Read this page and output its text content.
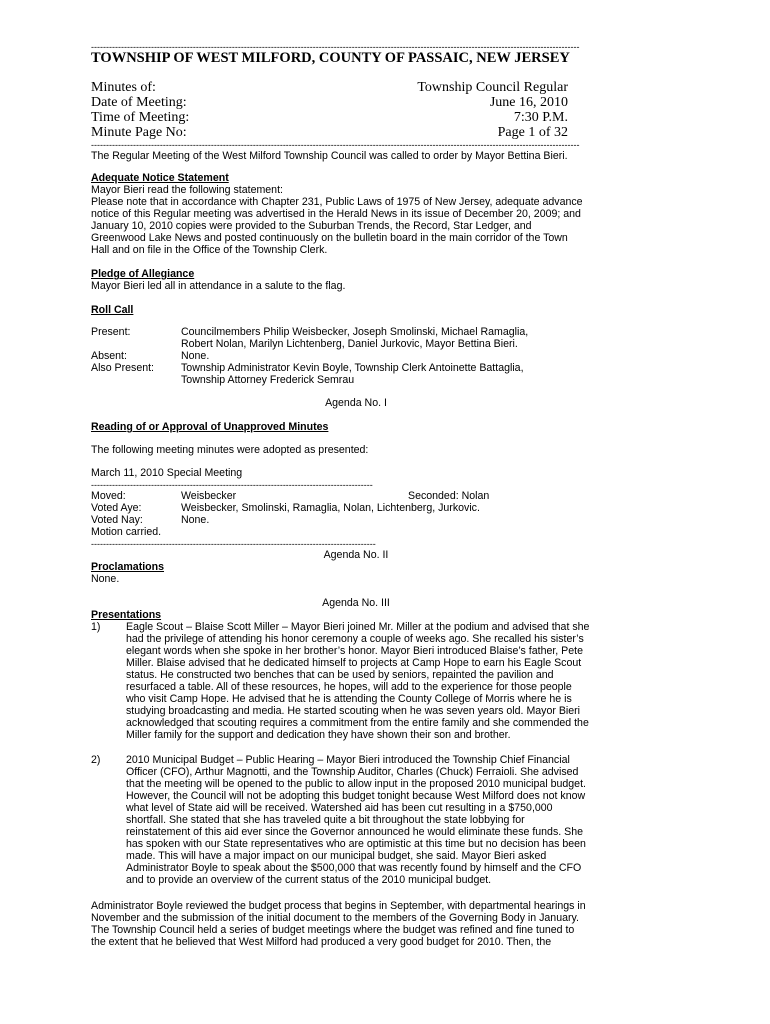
-------------------------------------------------------------------------------------------------------------------------------------------------------------------
TOWNSHIP OF WEST MILFORD, COUNTY OF PASSAIC, NEW JERSEY
Minutes of:	Township Council Regular
Date of Meeting:	June 16, 2010
Time of Meeting:	7:30 P.M.
Minute Page No:	Page 1 of 32
-------------------------------------------------------------------------------------------------------------------------------------------------------------------
The Regular Meeting of the West Milford Township Council was called to order by Mayor Bettina Bieri.
Adequate Notice Statement
Mayor Bieri read the following statement:
Please note that in accordance with Chapter 231, Public Laws of 1975 of New Jersey, adequate advance
notice of this Regular meeting was advertised in the Herald News in its issue of December 20, 2009; and
January 10, 2010 copies were provided to the Suburban Trends, the Record, Star Ledger, and
Greenwood Lake News and posted continuously on the bulletin board in the main corridor of the Town
Hall and on file in the Office of the Township Clerk.
Pledge of Allegiance
Mayor Bieri led all in attendance in a salute to the flag.
Roll Call
Present:	Councilmembers Philip Weisbecker, Joseph Smolinski, Michael Ramaglia,
Robert Nolan, Marilyn Lichtenberg, Daniel Jurkovic, Mayor Bettina Bieri.
Absent:	None.
Also Present:	Township Administrator Kevin Boyle, Township Clerk Antoinette Battaglia,
Township Attorney Frederick Semrau
Agenda No. I
Reading of or Approval of Unapproved Minutes
The following meeting minutes were adopted as presented:
March 11, 2010 Special Meeting
----------------------------------------------------------------------------------------------
Moved:	Weisbecker	Seconded: Nolan
Voted Aye:	Weisbecker, Smolinski, Ramaglia, Nolan, Lichtenberg, Jurkovic.
Voted Nay:	None.
Motion carried.
-----------------------------------------------------------------------------------------------
Agenda No. II
Proclamations
None.
Agenda No. III
Presentations
1) Eagle Scout – Blaise Scott Miller – Mayor Bieri joined Mr. Miller at the podium and advised that she
had the privilege of attending his honor ceremony a couple of weeks ago. She recalled his sister’s
elegant words when she spoke in her brother’s honor. Mayor Bieri introduced Blaise’s father, Pete
Miller. Blaise advised that he dedicated himself to projects at Camp Hope to earn his Eagle Scout
status. He constructed two benches that can be used by seniors, repainted the pavilion and
resurfaced a table. All of these resources, he hopes, will add to the experience for those people
who visit Camp Hope. He advised that he is attending the County College of Morris where he is
studying broadcasting and media. He started scouting when he was seven years old. Mayor Bieri
acknowledged that scouting requires a commitment from the entire family and she commended the
Miller family for the support and dedication they have shown their son and brother.
2) 2010 Municipal Budget – Public Hearing – Mayor Bieri introduced the Township Chief Financial
Officer (CFO), Arthur Magnotti, and the Township Auditor, Charles (Chuck) Ferraioli. She advised
that the meeting will be opened to the public to allow input in the proposed 2010 municipal budget.
However, the Council will not be adopting this budget tonight because West Milford does not know
what level of State aid will be received. Watershed aid has been cut resulting in a $750,000
shortfall. She stated that she has traveled quite a bit throughout the state lobbying for
reinstatement of this aid ever since the Governor announced he would eliminate these funds. She
has spoken with our State representatives who are optimistic at this time but no decision has been
made. This will have a major impact on our municipal budget, she said. Mayor Bieri asked
Administrator Boyle to speak about the $500,000 that was recently found by himself and the CFO
and to provide an overview of the current status of the 2010 municipal budget.
Administrator Boyle reviewed the budget process that begins in September, with departmental hearings in
November and the submission of the initial document to the members of the Governing Body in January.
The Township Council held a series of budget meetings where the budget was refined and fine tuned to
the extent that he believed that West Milford had produced a very good budget for 2010. Then, the
